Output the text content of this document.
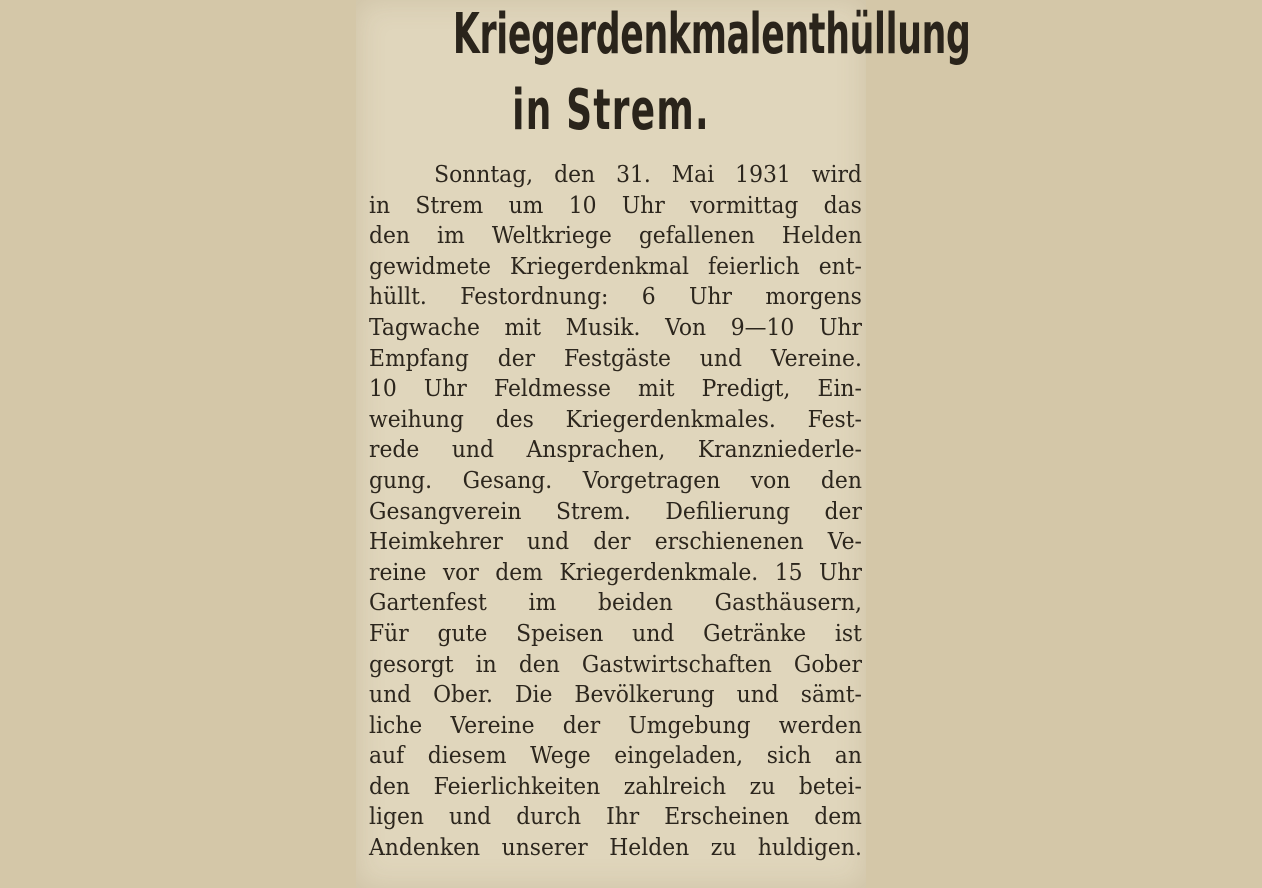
Kriegerdenkmalenthüllung
in Strem.
Sonntag, den 31. Mai 1931 wird
in Strem um 10 Uhr vormittag das
den im Weltkriege gefallenen Helden
gewidmete Kriegerdenkmal feierlich ent-
hüllt. Festordnung: 6 Uhr morgens
Tagwache mit Musik. Von 9—10 Uhr
Empfang der Festgäste und Vereine.
10 Uhr Feldmesse mit Predigt, Ein-
weihung des Kriegerdenkmales. Fest-
rede und Ansprachen, Kranzniederle-
gung. Gesang. Vorgetragen von den
Gesangverein Strem. Defilierung der
Heimkehrer und der erschienenen Ve-
reine vor dem Kriegerdenkmale. 15 Uhr
Gartenfest im beiden Gasthäusern,
Für gute Speisen und Getränke ist
gesorgt in den Gastwirtschaften Gober
und Ober. Die Bevölkerung und sämt-
liche Vereine der Umgebung werden
auf diesem Wege eingeladen, sich an
den Feierlichkeiten zahlreich zu betei-
ligen und durch Ihr Erscheinen dem
Andenken unserer Helden zu huldigen.
